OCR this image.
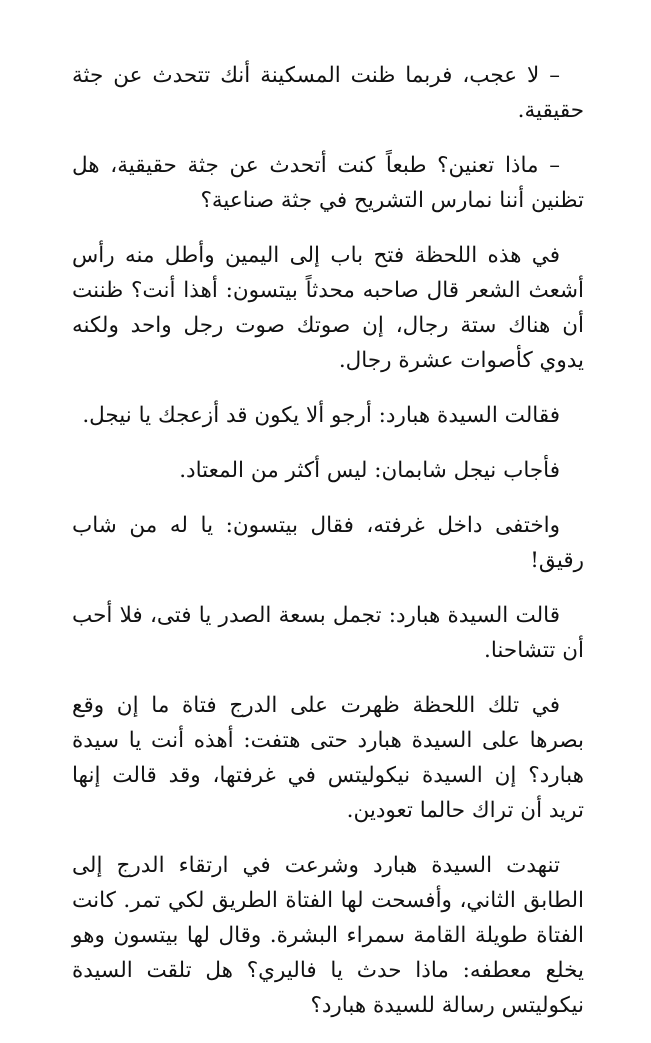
– لا عجب، فربما ظنت المسكينة أنك تتحدث عن جثة حقيقية.

– ماذا تعنين؟ طبعاً كنت أتحدث عن جثة حقيقية، هل تظنين أننا نمارس التشريح في جثة صناعية؟

في هذه اللحظة فتح باب إلى اليمين وأطل منه رأس أشعث الشعر قال صاحبه محدثاً بيتسون: أهذا أنت؟ ظننت أن هناك ستة رجال، إن صوتك صوت رجل واحد ولكنه يدوي كأصوات عشرة رجال.

فقالت السيدة هبارد: أرجو ألا يكون قد أزعجك يا نيجل.

فأجاب نيجل شابمان: ليس أكثر من المعتاد.

واختفى داخل غرفته، فقال بيتسون: يا له من شاب رقيق!

قالت السيدة هبارد: تجمل بسعة الصدر يا فتى، فلا أحب أن تتشاحنا.

في تلك اللحظة ظهرت على الدرج فتاة ما إن وقع بصرها على السيدة هبارد حتى هتفت: أهذه أنت يا سيدة هبارد؟ إن السيدة نيكوليتس في غرفتها، وقد قالت إنها تريد أن تراك حالما تعودين.

تنهدت السيدة هبارد وشرعت في ارتقاء الدرج إلى الطابق الثاني، وأفسحت لها الفتاة الطريق لكي تمر. كانت الفتاة طويلة القامة سمراء البشرة. وقال لها بيتسون وهو يخلع معطفه: ماذا حدث يا فاليري؟ هل تلقت السيدة نيكوليتس رسالة للسيدة هبارد؟
